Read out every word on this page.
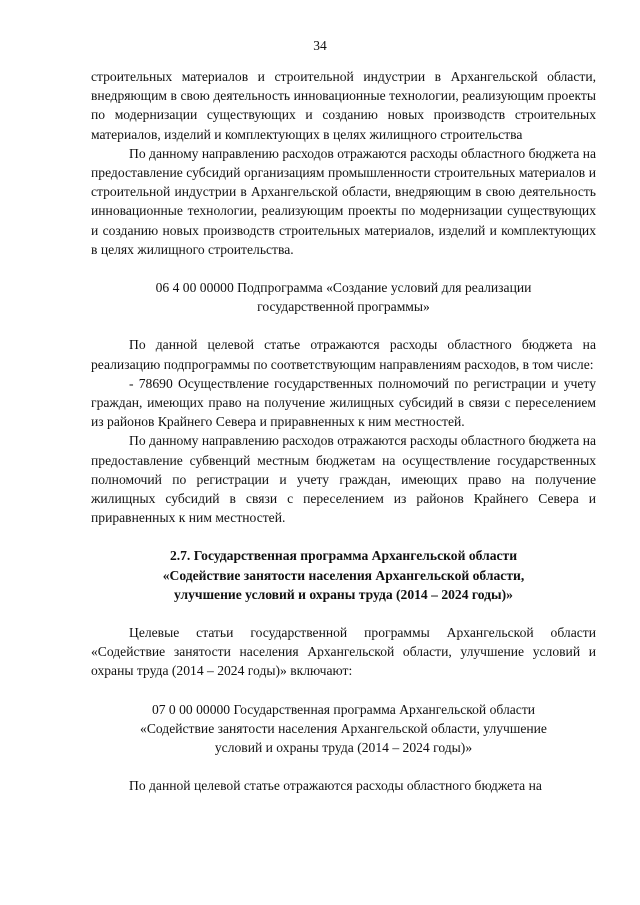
34

строительных материалов и строительной индустрии в Архангельской области, внедряющим в свою деятельность инновационные технологии, реализующим проекты по модернизации существующих и созданию новых производств строительных материалов, изделий и комплектующих в целях жилищного строительства

По данному направлению расходов отражаются расходы областного бюджета на предоставление субсидий организациям промышленности строительных материалов и строительной индустрии в Архангельской области, внедряющим в свою деятельность инновационные технологии, реализующим проекты по модернизации существующих и созданию новых производств строительных материалов, изделий и комплектующих в целях жилищного строительства.

06 4 00 00000 Подпрограмма «Создание условий для реализации государственной программы»

По данной целевой статье отражаются расходы областного бюджета на реализацию подпрограммы по соответствующим направлениям расходов, в том числе:

- 78690 Осуществление государственных полномочий по регистрации и учету граждан, имеющих право на получение жилищных субсидий в связи с переселением из районов Крайнего Севера и приравненных к ним местностей.

По данному направлению расходов отражаются расходы областного бюджета на предоставление субвенций местным бюджетам на осуществление государственных полномочий по регистрации и учету граждан, имеющих право на получение жилищных субсидий в связи с переселением из районов Крайнего Севера и приравненных к ним местностей.

2.7. Государственная программа Архангельской области

«Содействие занятости населения Архангельской области,

улучшение условий и охраны труда (2014 – 2024 годы)»

Целевые статьи государственной программы Архангельской области «Содействие занятости населения Архангельской области, улучшение условий и охраны труда (2014 – 2024 годы)» включают:

07 0 00 00000 Государственная программа Архангельской области

«Содействие занятости населения Архангельской области, улучшение

условий и охраны труда (2014 – 2024 годы)»

По данной целевой статье отражаются расходы областного бюджета на
